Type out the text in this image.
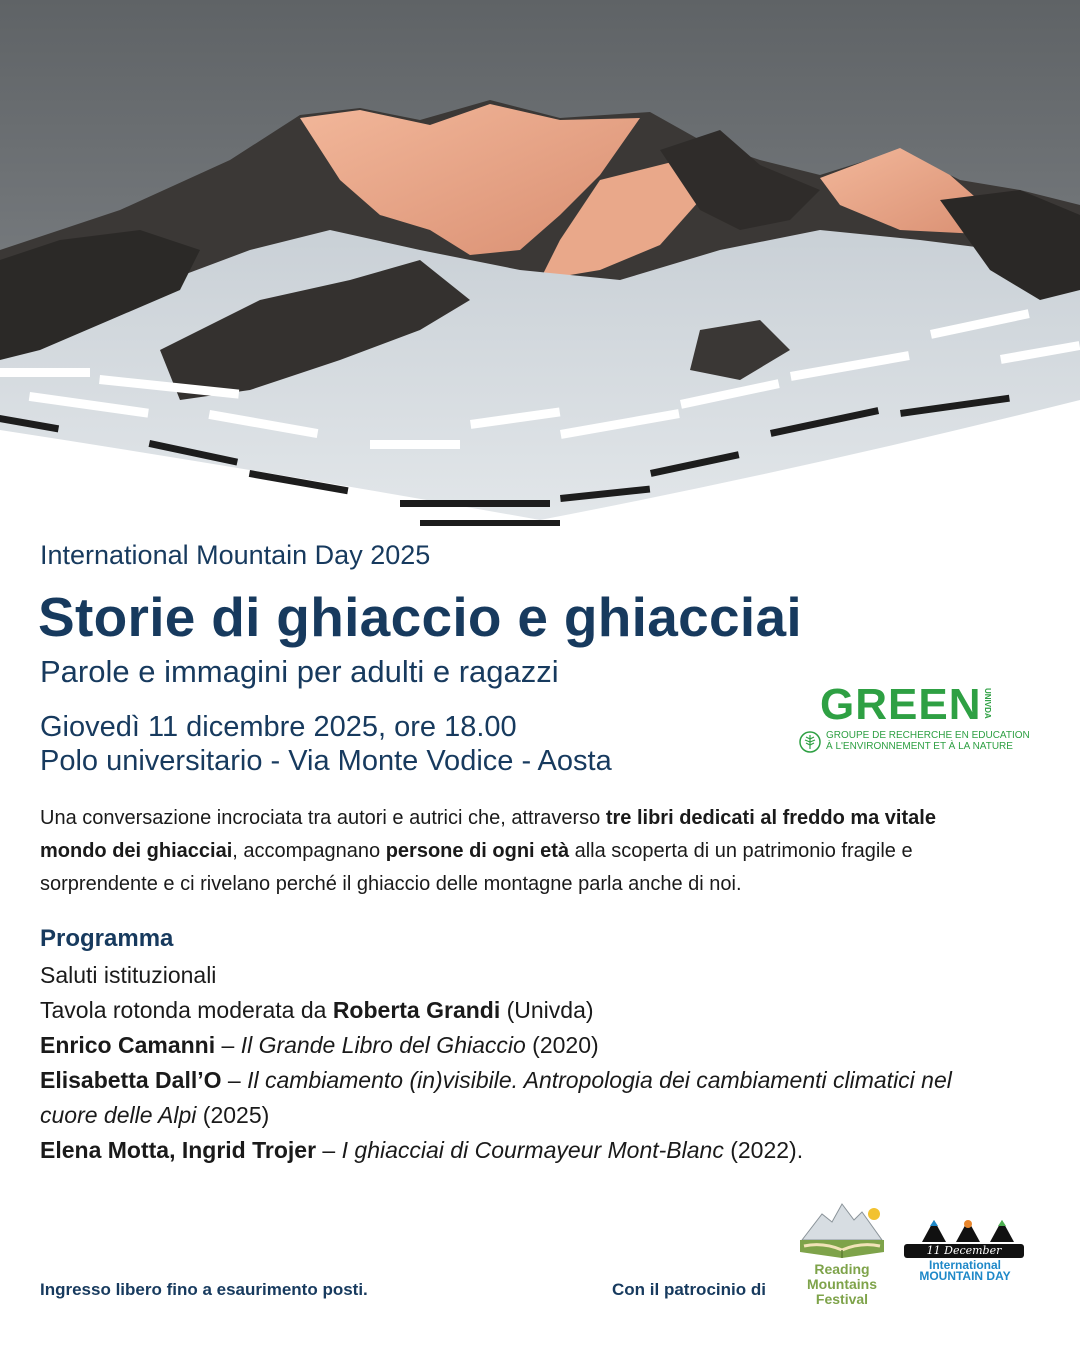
International Mountain Day 2025
Storie di ghiaccio e ghiacciai
Parole e immagini per adulti e ragazzi
Giovedì 11 dicembre 2025, ore 18.00
Polo universitario - Via Monte Vodice - Aosta
GREEN UNIVDA
GROUPE DE RECHERCHE EN EDUCATION
À L'ENVIRONNEMENT ET À LA NATURE
Una conversazione incrociata tra autori e autrici che, attraverso tre libri dedicati al freddo ma vitale mondo dei ghiacciai, accompagnano persone di ogni età alla scoperta di un patrimonio fragile e sorprendente e ci rivelano perché il ghiaccio delle montagne parla anche di noi.
Programma
Saluti istituzionali
Tavola rotonda moderata da Roberta Grandi (Univda)
Enrico Camanni – Il Grande Libro del Ghiaccio (2020)
Elisabetta Dall’O – Il cambiamento (in)visibile. Antropologia dei cambiamenti climatici nel cuore delle Alpi (2025)
Elena Motta, Ingrid Trojer – I ghiacciai di Courmayeur Mont-Blanc (2022).
Ingresso libero fino a esaurimento posti.	Con il patrocinio di
Reading
Mountains
Festival
11 December
International
MOUNTAIN DAY
